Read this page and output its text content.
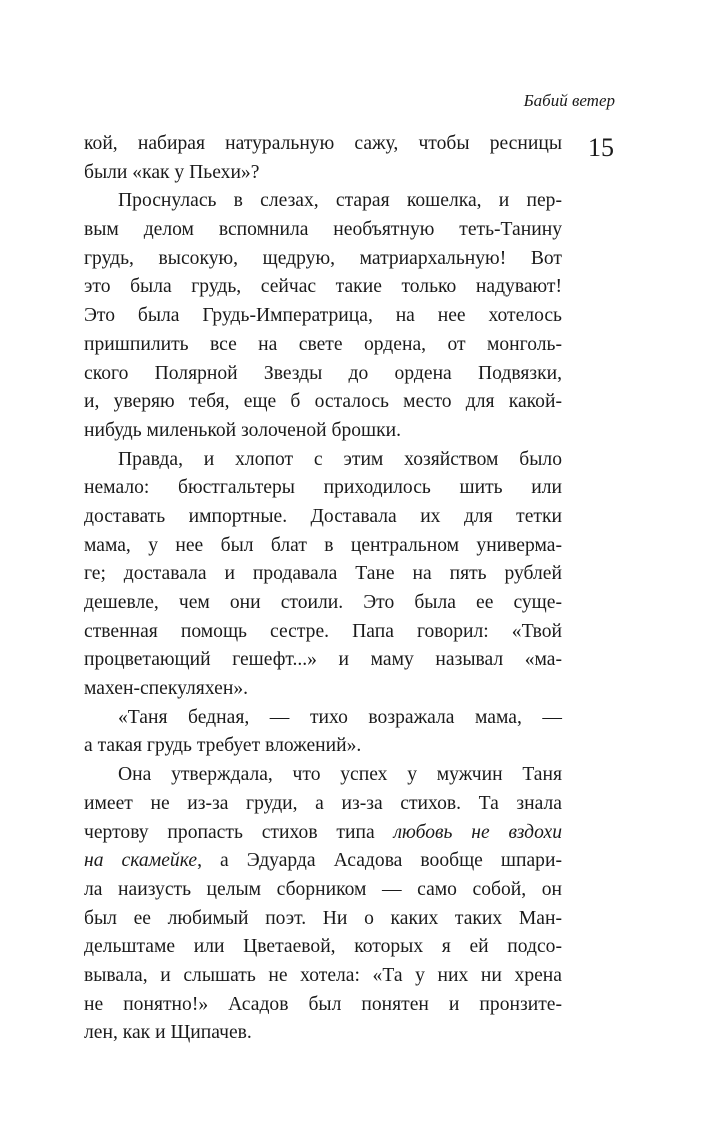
Бабий ветер
15
кой, набирая натуральную сажу, чтобы ресницы
были «как у Пьехи»?
Проснулась в слезах, старая кошелка, и пер-
вым делом вспомнила необъятную теть-Танину
грудь, высокую, щедрую, матриархальную! Вот
это была грудь, сейчас такие только надувают!
Это была Грудь-Императрица, на нее хотелось
пришпилить все на свете ордена, от монголь-
ского Полярной Звезды до ордена Подвязки,
и, уверяю тебя, еще б осталось место для какой-
нибудь миленькой золоченой брошки.
Правда, и хлопот с этим хозяйством было
немало: бюстгальтеры приходилось шить или
доставать импортные. Доставала их для тетки
мама, у нее был блат в центральном универма-
ге; доставала и продавала Тане на пять рублей
дешевле, чем они стоили. Это была ее суще-
ственная помощь сестре. Папа говорил: «Твой
процветающий гешефт...» и маму называл «ма-
махен-спекуляхен».
«Таня бедная, — тихо возражала мама, —
а такая грудь требует вложений».
Она утверждала, что успех у мужчин Таня
имеет не из-за груди, а из-за стихов. Та знала
чертову пропасть стихов типа любовь не вздохи
на скамейке, а Эдуарда Асадова вообще шпари-
ла наизусть целым сборником — само собой, он
был ее любимый поэт. Ни о каких таких Ман-
дельштаме или Цветаевой, которых я ей подсо-
вывала, и слышать не хотела: «Та у них ни хрена
не понятно!» Асадов был понятен и пронзите-
лен, как и Щипачев.
